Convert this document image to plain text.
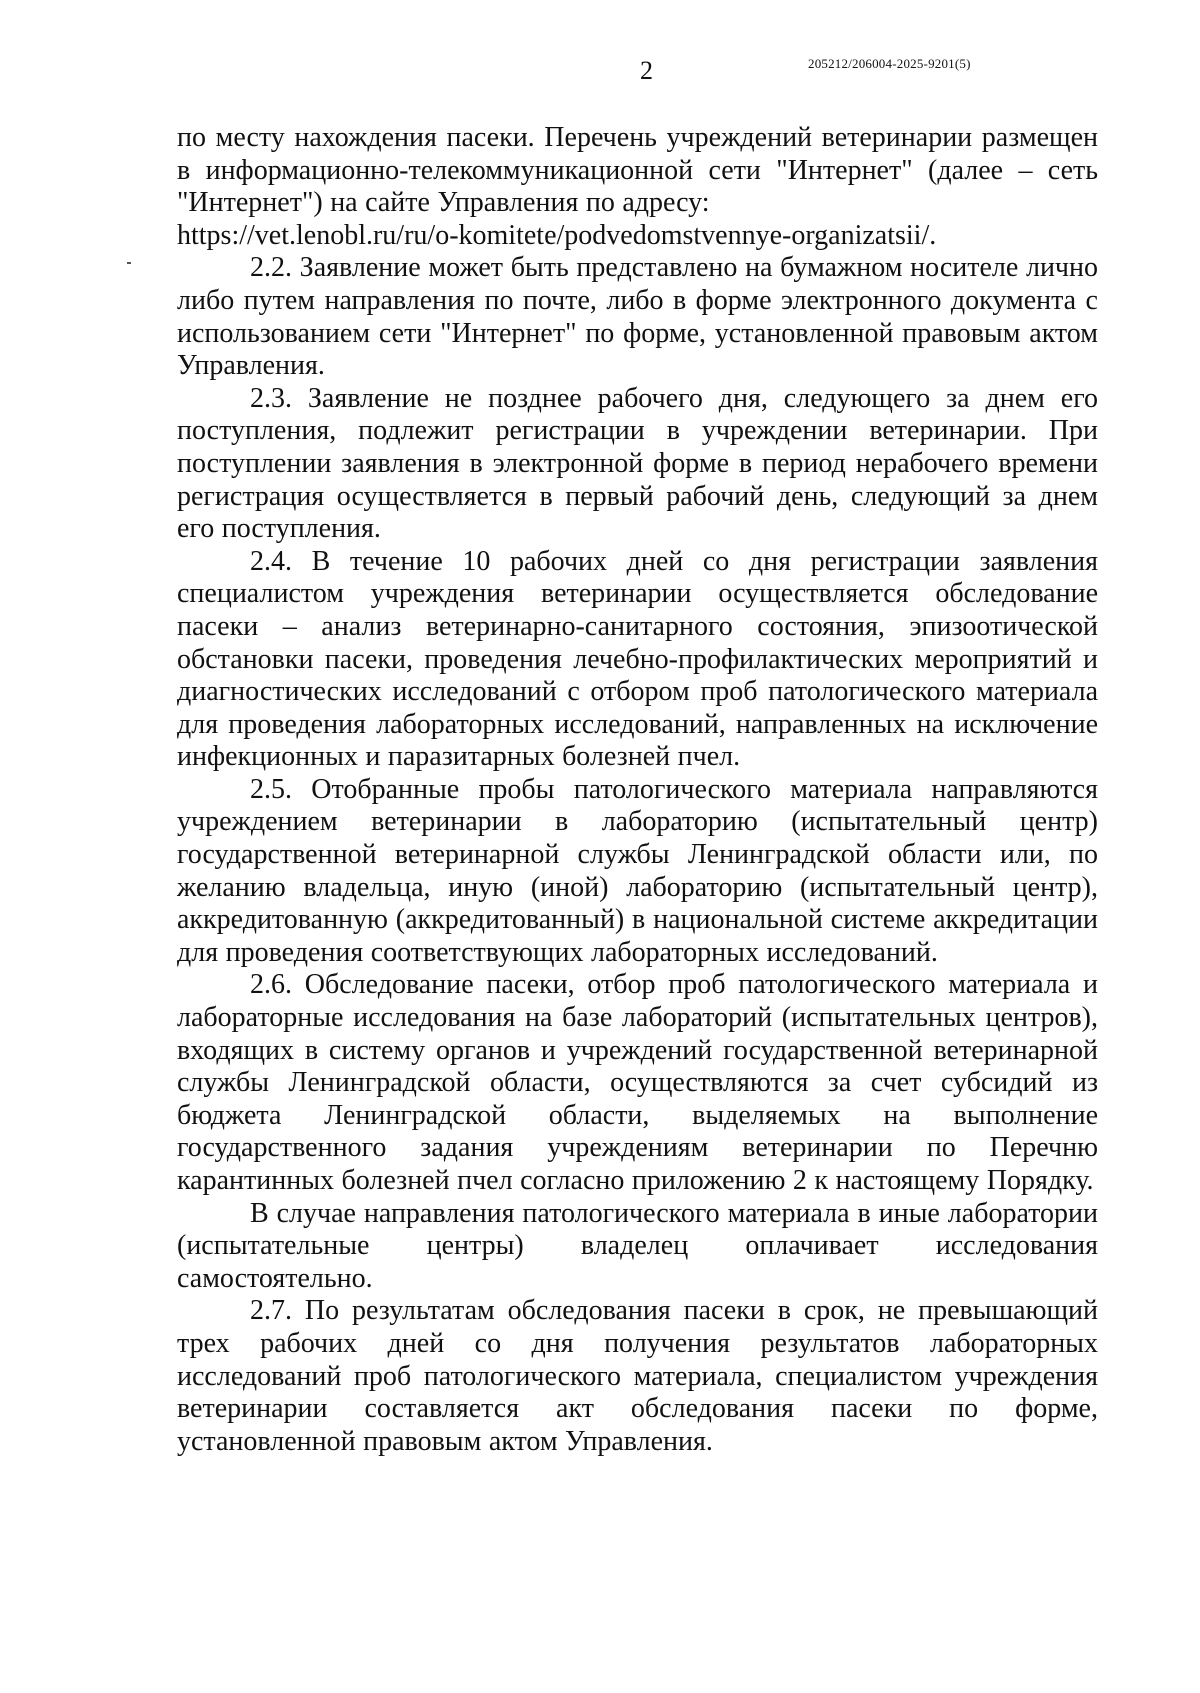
2	205212/206004-2025-9201(5)

по месту нахождения пасеки. Перечень учреждений ветеринарии размещен в информационно-телекоммуникационной сети "Интернет" (далее – сеть "Интернет") на сайте Управления по адресу:

https://vet.lenobl.ru/ru/o-komitete/podvedomstvennye-organizatsii/.

2.2. Заявление может быть представлено на бумажном носителе лично либо путем направления по почте, либо в форме электронного документа с использованием сети "Интернет" по форме, установленной правовым актом Управления.

2.3. Заявление не позднее рабочего дня, следующего за днем его поступления, подлежит регистрации в учреждении ветеринарии. При поступлении заявления в электронной форме в период нерабочего времени регистрация осуществляется в первый рабочий день, следующий за днем его поступления.

2.4. В течение 10 рабочих дней со дня регистрации заявления специалистом учреждения ветеринарии осуществляется обследование пасеки – анализ ветеринарно-санитарного состояния, эпизоотической обстановки пасеки, проведения лечебно-профилактических мероприятий и диагностических исследований с отбором проб патологического материала для проведения лабораторных исследований, направленных на исключение инфекционных и паразитарных болезней пчел.

2.5. Отобранные пробы патологического материала направляются учреждением ветеринарии в лабораторию (испытательный центр) государственной ветеринарной службы Ленинградской области или, по желанию владельца, иную (иной) лабораторию (испытательный центр), аккредитованную (аккредитованный) в национальной системе аккредитации для проведения соответствующих лабораторных исследований.

2.6. Обследование пасеки, отбор проб патологического материала и лабораторные исследования на базе лабораторий (испытательных центров), входящих в систему органов и учреждений государственной ветеринарной службы Ленинградской области, осуществляются за счет субсидий из бюджета Ленинградской области, выделяемых на выполнение государственного задания учреждениям ветеринарии по Перечню карантинных болезней пчел согласно приложению 2 к настоящему Порядку.

В случае направления патологического материала в иные лаборатории (испытательные центры) владелец оплачивает исследования самостоятельно.

2.7. По результатам обследования пасеки в срок, не превышающий трех рабочих дней со дня получения результатов лабораторных исследований проб патологического материала, специалистом учреждения ветеринарии составляется акт обследования пасеки по форме, установленной правовым актом Управления.
